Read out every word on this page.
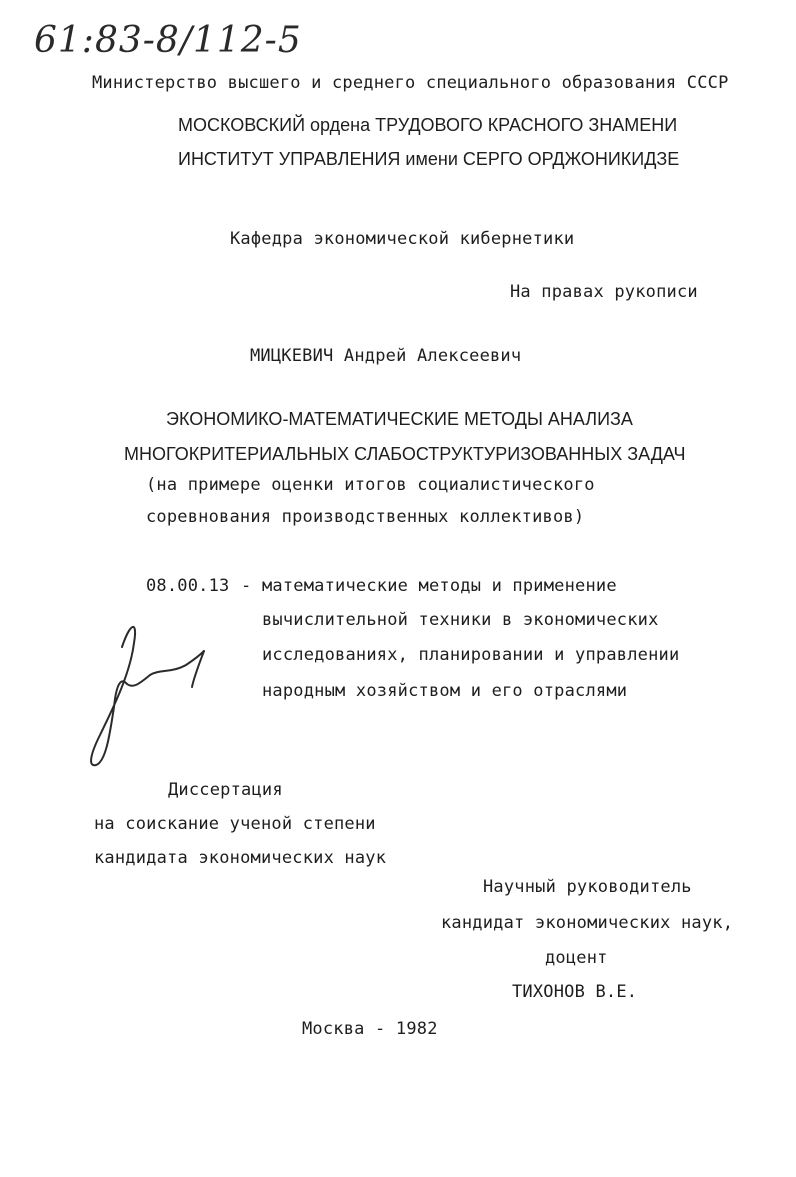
61:83-8/112-5
Министерство высшего и среднего специального образования СССР
МОСКОВСКИЙ ордена ТРУДОВОГО КРАСНОГО ЗНАМЕНИ
ИНСТИТУТ УПРАВЛЕНИЯ имени СЕРГО ОРДЖОНИКИДЗЕ
Кафедра экономической кибернетики
На правах рукописи
МИЦКЕВИЧ Андрей Алексеевич
ЭКОНОМИКО-МАТЕМАТИЧЕСКИЕ МЕТОДЫ АНАЛИЗА
МНОГОКРИТЕРИАЛЬНЫХ СЛАБОСТРУКТУРИЗОВАННЫХ ЗАДАЧ
(на примере оценки итогов социалистического
соревнования производственных коллективов)
08.00.13 - математические методы и применение
вычислительной техники в экономических
исследованиях, планировании и управлении
народным хозяйством и его отраслями
Диссертация
на соискание ученой степени
кандидата экономических наук
Научный руководитель
кандидат экономических наук,
доцент
ТИХОНОВ В.Е.
Москва - 1982
